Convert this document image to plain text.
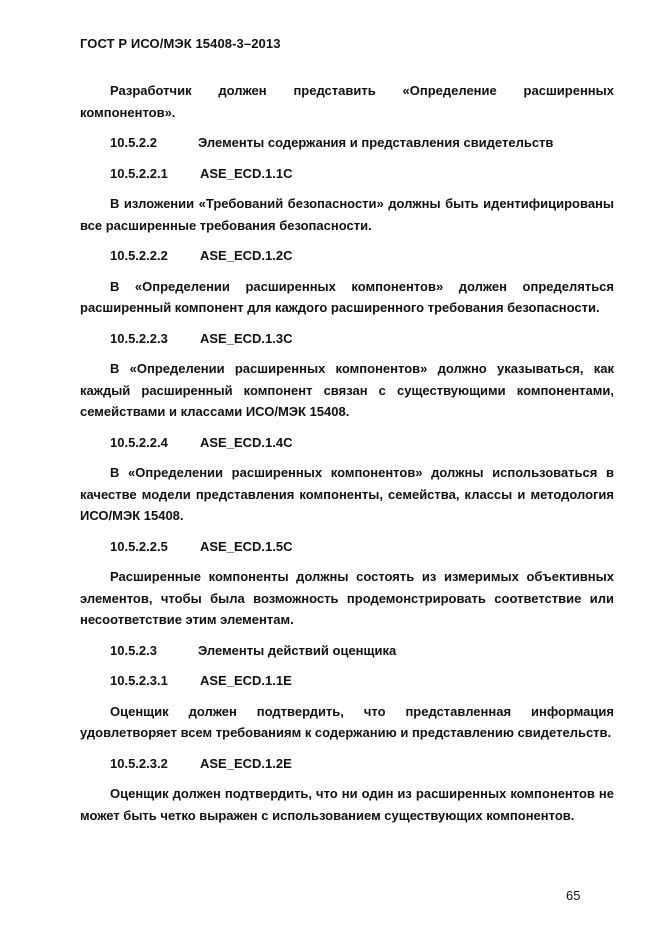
ГОСТ Р ИСО/МЭК 15408-3–2013
Разработчик должен представить «Определение расширенных компонентов».
10.5.2.2	Элементы содержания и представления свидетельств
10.5.2.2.1 ASE_ECD.1.1C
В изложении «Требований безопасности» должны быть идентифицированы все расширенные требования безопасности.
10.5.2.2.2 ASE_ECD.1.2C
В «Определении расширенных компонентов» должен определяться расширенный компонент для каждого расширенного требования безопасности.
10.5.2.2.3 ASE_ECD.1.3C
В «Определении расширенных компонентов» должно указываться, как каждый расширенный компонент связан с существующими компонентами, семействами и классами ИСО/МЭК 15408.
10.5.2.2.4 ASE_ECD.1.4C
В «Определении расширенных компонентов» должны использоваться в качестве модели представления компоненты, семейства, классы и методология ИСО/МЭК 15408.
10.5.2.2.5 ASE_ECD.1.5C
Расширенные компоненты должны состоять из измеримых объективных элементов, чтобы была возможность продемонстрировать соответствие или несоответствие этим элементам.
10.5.2.3	Элементы действий оценщика
10.5.2.3.1 ASE_ECD.1.1E
Оценщик должен подтвердить, что представленная информация удовлетворяет всем требованиям к содержанию и представлению свидетельств.
10.5.2.3.2 ASE_ECD.1.2E
Оценщик должен подтвердить, что ни один из расширенных компонентов не может быть четко выражен с использованием существующих компонентов.
65
